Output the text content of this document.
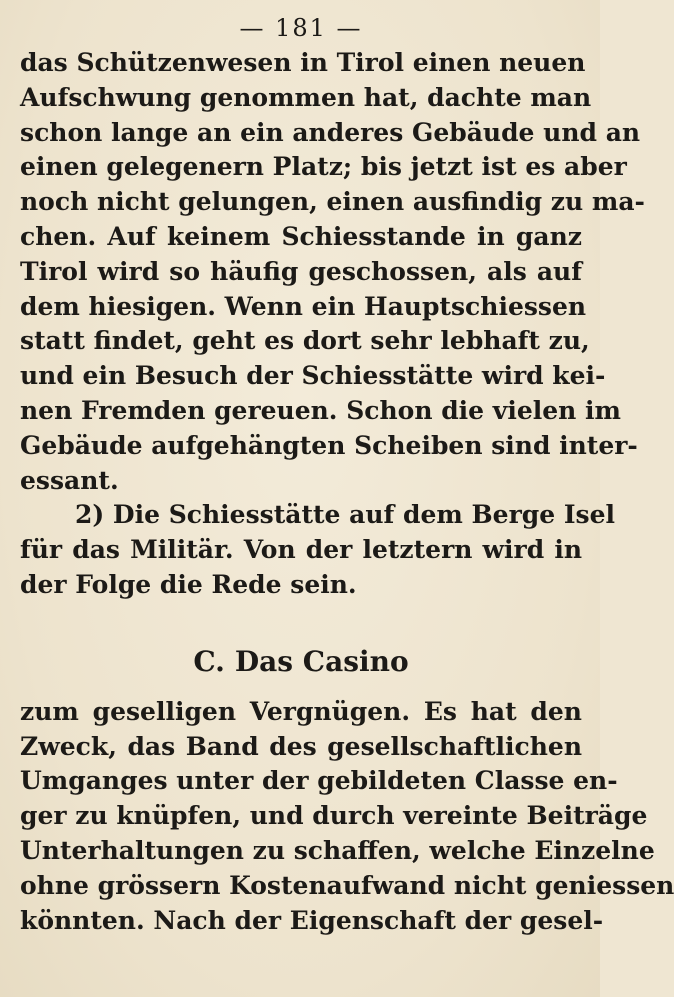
— 181 —
das Schützenwesen in Tirol einen neuen
Aufschwung genommen hat, dachte man
schon lange an ein anderes Gebäude und an
einen gelegenern Platz; bis jetzt ist es aber
noch nicht gelungen, einen ausfindig zu ma-
chen. Auf keinem Schiesstande in ganz
Tirol wird so häufig geschossen, als auf
dem hiesigen. Wenn ein Hauptschiessen
statt findet, geht es dort sehr lebhaft zu,
und ein Besuch der Schiesstätte wird kei-
nen Fremden gereuen. Schon die vielen im
Gebäude aufgehängten Scheiben sind inter-
essant.
2) Die Schiesstätte auf dem Berge Isel
für das Militär. Von der letztern wird in
der Folge die Rede sein.
C. Das Casino
zum geselligen Vergnügen. Es hat den
Zweck, das Band des gesellschaftlichen
Umganges unter der gebildeten Classe en-
ger zu knüpfen, und durch vereinte Beiträge
Unterhaltungen zu schaffen, welche Einzelne
ohne grössern Kostenaufwand nicht geniessen
könnten. Nach der Eigenschaft der gesel-
